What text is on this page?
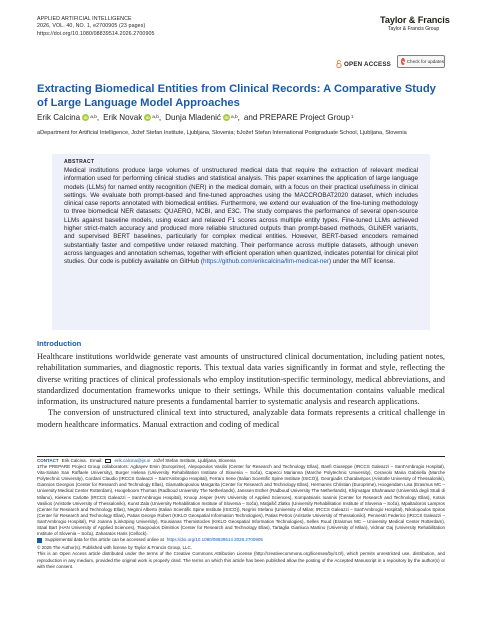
APPLIED ARTIFICIAL INTELLIGENCE
2026, VOL. 40, NO. 1, e2700905 (23 pages)
https://doi.org/10.1080/08839514.2026.2700905
Taylor & Francis
Taylor & Francis Group
OPEN ACCESS	Check for updates
Extracting Biomedical Entities from Clinical Records: A Comparative Study of Large Language Model Approaches
Erik Calcina iD a,b , Erik Novak iD a,b , Dunja Mladenić iD a,b , and PREPARE Project Group 1
aDepartment for Artificial Intelligence, Jožef Stefan Institute, Ljubljana, Slovenia; bJožef Stefan International Postgraduate School, Ljubljana, Slovenia
ABSTRACT
Medical institutions produce large volumes of unstructured medical data that require the extraction of relevant medical information used for performing clinical studies and statistical analysis. This paper examines the application of large language models (LLMs) for named entity recognition (NER) in the medical domain, with a focus on their practical usefulness in clinical settings. We evaluate both prompt-based and fine-tuned approaches using the MACCROBAT2020 dataset, which includes clinical case reports annotated with biomedical entities. Furthermore, we extend our evaluation of the fine-tuning methodology to three biomedical NER datasets: QUAERO, NCBI, and E3C. The study compares the performance of several open-source LLMs against baseline models, using exact and relaxed F1 scores across multiple entity types. Fine-tuned LLMs achieved higher strict-match accuracy and produced more reliable structured outputs than prompt-based methods, GLiNER variants, and supervised BERT baselines, particularly for complex medical entities. However, BERT-based encoders remained substantially faster and competitive under relaxed matching. Their performance across multiple datasets, although uneven across languages and annotation schemas, together with efficient operation when quantized, indicates potential for clinical pilot studies. Our code is publicly available on GitHub (https://github.com/erikcalcina/llm-medical-ner) under the MIT license.
Introduction

Healthcare institutions worldwide generate vast amounts of unstructured clinical documentation, including patient notes, rehabilitation summaries, and diagnostic reports. This textual data varies significantly in format and style, reflecting the diverse writing practices of clinical professionals who employ institution-specific terminology, medical abbreviations, and standardized documentation frameworks unique to their settings. While this documentation contains valuable medical information, its unstructured nature presents a fundamental barrier to systematic analysis and research applications.

The conversion of unstructured clinical text into structured, analyzable data formats represents a critical challenge in modern healthcare informatics. Manual extraction and coding of medical

CONTACT Erik Calcina. Email:	erik.calcina@ijs.si Jožef Stefan Institute, Ljubljana, Slovenia
1The PREPARE Project Group collaborators: Agbayev Emin (Europrime), Alepopoulos Vasilis (Center for Research and Technology Ellas), Banfi Giuseppe (IRCCS Galeazzi – Sant'Ambrogio Hospital), Vita-Salute San Raffaele University), Burger Helena (University Rehabilitation Institute of Slovenia – Soča), Capecci Marianna (Marche Polytechnic University), Ceravolo Maria Gabriella (Marche Polytechnic University), Cordani Claudio (IRCCS Galeazzi – Sant'Ambrogio Hospital), Ferraro Irene (Italian Scientific Spine Institute (ISICO)), Georgiadis Charalampos (Aristotle University of Thessaloniki), Giannios Georgios (Center for Research and Technology Ellas), Giamatikopoulou Margarita (Center for Research and Technology Ellas), Hermanns Christian (Europrime), Hoogendam Lisa (Erasmus MC – University Medical Center Rotterdam), Hoogeboom Thomas (Radboud University The Netherlands), Janssen Esther (Radboud University The Netherlands), Khijmatgar Shahnawaz (Università degli Studi di Milano), Kiekens Carlotte (IRCCS Galeazzi – Sant'Ambrogio Hospital), Knoop Jesper (HAN University of Applied Sciences), Kompatsiaris Ioannis (Center for Research and Technology Ellas), Kotsis Vasilios (Aristotle University of Thessaloniki), Kunst Zala (University Rehabilitation Institute of Slovenia – Soča), Matjašič Zlatko (University Rehabilitation Institute of Slovenia – Soča), Mpaltadoros Lampros (Center for Research and Technology Ellas), Negrini Alberto (Italian Scientific Spine Institute (ISICO)), Negrini Stefano (University of Milan; IRCCS Galeazzi – Sant'Ambrogio Hospital), Nikolopoulos Spiros (Center for Research and Technology Ellas), Patias Georgе Robert (KIKLO Geospatial Information Technologies), Patias Petros (Aristotle University of Thessaloniki), Pennestri Federico (IRCCS Galeazzi – Sant'Ambrogio Hospital), Pol Joanna (Linköping University), Rousianas Themistocles (KIKLO Geospatial Information Technologies), Selles Ruud (Erasmus MC – University Medical Center Rotterdam), Staal Bart (HAN University of Applied Sciences), Tsaopoulos Dimitrios (Center for Research and Technology Ellas), Tartaglia Gianluca Martino (University of Milan), Vidmar Gaj (University Rehabilitation Institute of Slovenia – Soča), Zaharatos Haris (Cellock).
Supplemental data for this article can be accessed online at https://doi.org/10.1080/08839514.2026.2700905
© 2026 The Author(s). Published with license by Taylor & Francis Group, LLC.
This is an Open Access article distributed under the terms of the Creative Commons Attribution License (http://creativecommons.org/licenses/by/4.0/), which permits unrestricted use, distribution, and reproduction in any medium, provided the original work is properly cited. The terms on which this article has been published allow the posting of the Accepted Manuscript in a repository by the author(s) or with their consent.
